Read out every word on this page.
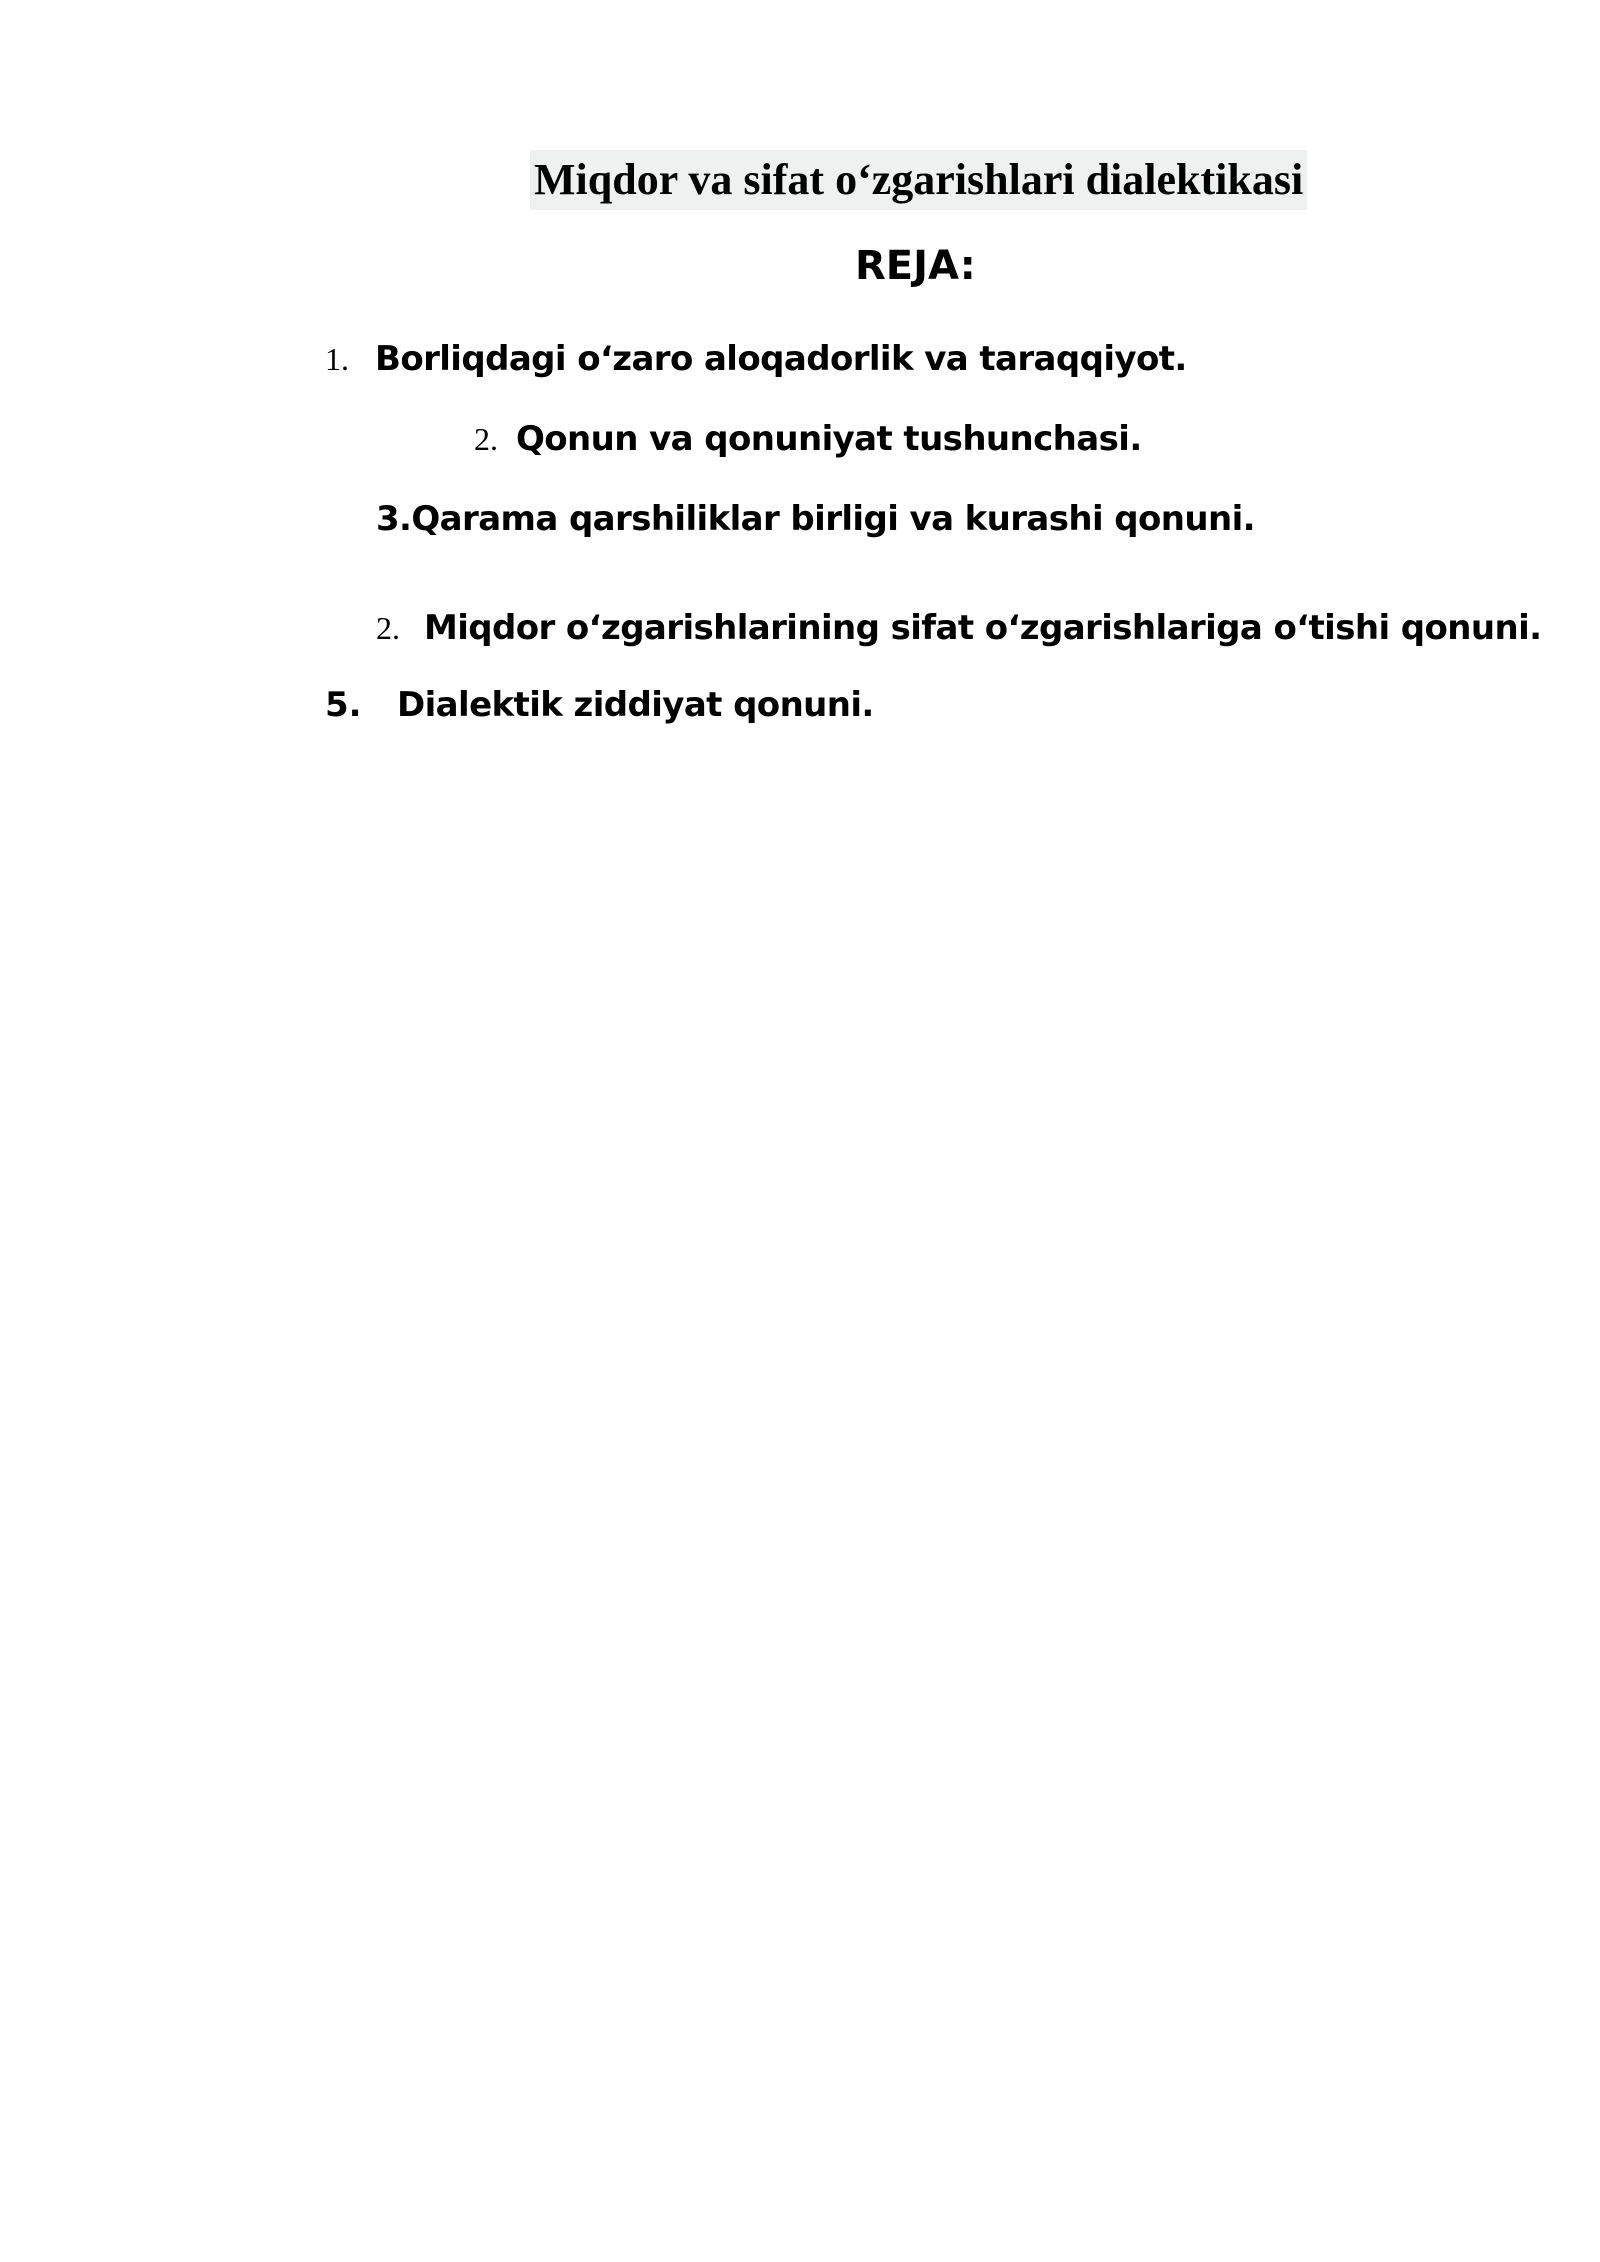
Miqdor va sifat o‘zgarishlari dialektikasi
REJA:
1. Borliqdagi o‘zaro aloqadorlik va taraqqiyot.
2. Qonun va qonuniyat tushunchasi.
3.Qarama qarshiliklar birligi va kurashi qonuni.
2. Miqdor o‘zgarishlarining sifat o‘zgarishlariga o‘tishi qonuni.
5. Dialektik ziddiyat qonuni.
